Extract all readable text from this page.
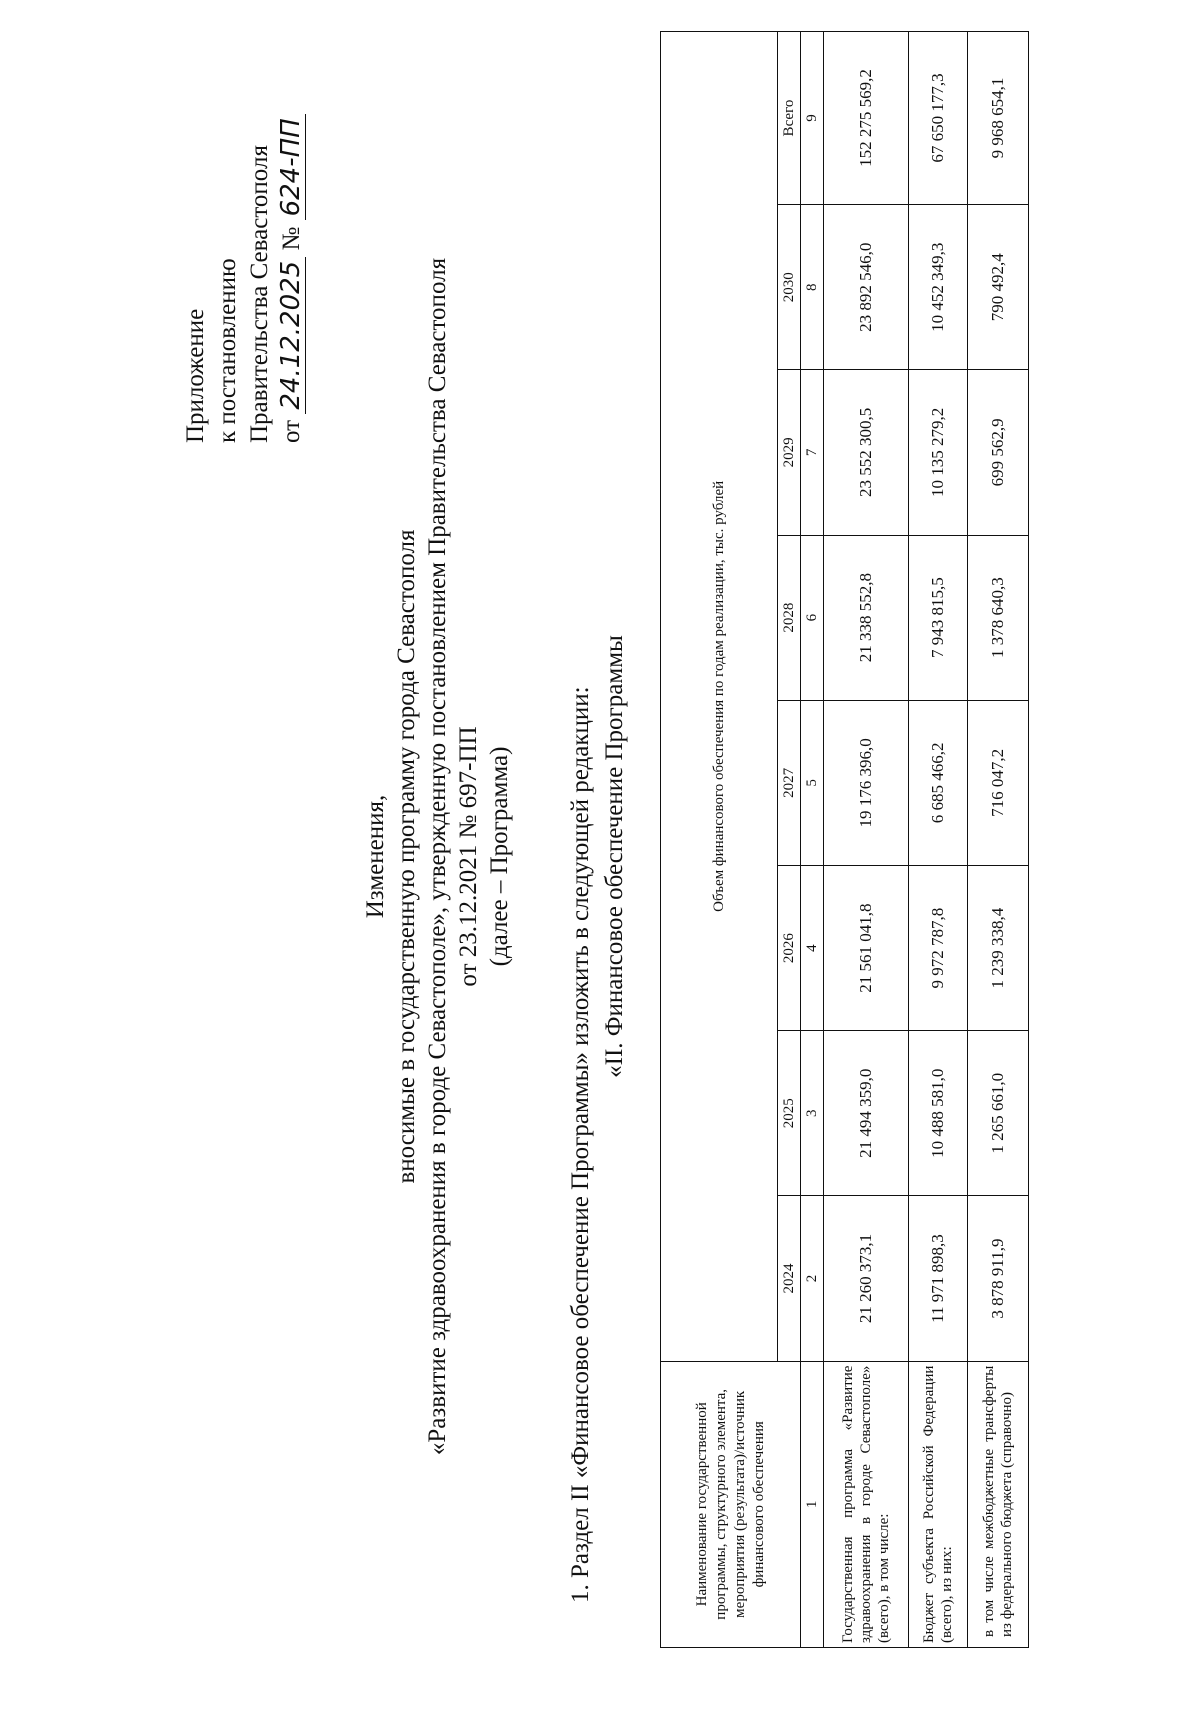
Приложение к постановлению Правительства Севастополя от 24.12.2025 № 624-ПП
Изменения, вносимые в государственную программу города Севастополя «Развитие здравоохранения в городе Севастополе», утвержденную постановлением Правительства Севастополя от 23.12.2021 № 697-ПП (далее – Программа) 1. Раздел II «Финансовое обеспечение Программы» изложить в следующей редакции: «II. Финансовое обеспечение Программы
Наименование государственной программы, структурного элемента, мероприятия (результата)/источник финансового обеспечения	Объем финансового обеспечения по годам реализации, тыс. рублей							
	2024	2025	2026	2027	2028	2029	2030	Всего
1	2	3	4	5	6	7	8	9
Государственная программа «Развитие здравоохранения в городе Севастополе» (всего), в том числе:	21 260 373,1	21 494 359,0	21 561 041,8	19 176 396,0	21 338 552,8	23 552 300,5	23 892 546,0	152 275 569,2
Бюджет субъекта Российской Федерации (всего), из них:	11 971 898,3	10 488 581,0	9 972 787,8	6 685 466,2	7 943 815,5	10 135 279,2	10 452 349,3	67 650 177,3
в том числе межбюджетные трансферты из федерального бюджета (справочно)	3 878 911,9	1 265 661,0	1 239 338,4	716 047,2	1 378 640,3	699 562,9	790 492,4	9 968 654,1
